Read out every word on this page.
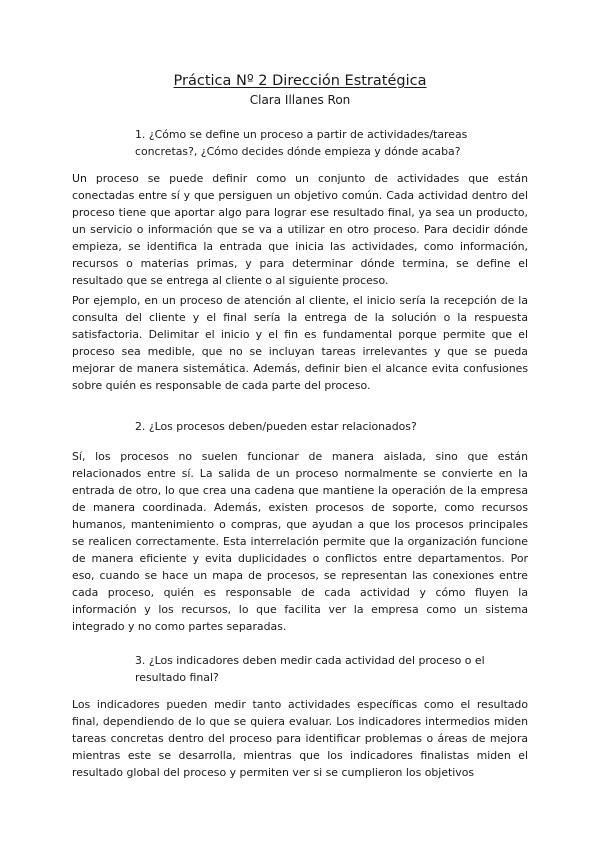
Práctica Nº 2 Dirección Estratégica
Clara Illanes Ron

1. ¿Cómo se define un proceso a partir de actividades/tareas concretas?, ¿Cómo decides dónde empieza y dónde acaba?

Un proceso se puede definir como un conjunto de actividades que están conectadas entre sí y que persiguen un objetivo común. Cada actividad dentro del proceso tiene que aportar algo para lograr ese resultado final, ya sea un producto, un servicio o información que se va a utilizar en otro proceso. Para decidir dónde empieza, se identifica la entrada que inicia las actividades, como información, recursos o materias primas, y para determinar dónde termina, se define el resultado que se entrega al cliente o al siguiente proceso.

Por ejemplo, en un proceso de atención al cliente, el inicio sería la recepción de la consulta del cliente y el final sería la entrega de la solución o la respuesta satisfactoria. Delimitar el inicio y el fin es fundamental porque permite que el proceso sea medible, que no se incluyan tareas irrelevantes y que se pueda mejorar de manera sistemática. Además, definir bien el alcance evita confusiones sobre quién es responsable de cada parte del proceso.

2. ¿Los procesos deben/pueden estar relacionados?

Sí, los procesos no suelen funcionar de manera aislada, sino que están relacionados entre sí. La salida de un proceso normalmente se convierte en la entrada de otro, lo que crea una cadena que mantiene la operación de la empresa de manera coordinada. Además, existen procesos de soporte, como recursos humanos, mantenimiento o compras, que ayudan a que los procesos principales se realicen correctamente. Esta interrelación permite que la organización funcione de manera eficiente y evita duplicidades o conflictos entre departamentos. Por eso, cuando se hace un mapa de procesos, se representan las conexiones entre cada proceso, quién es responsable de cada actividad y cómo fluyen la información y los recursos, lo que facilita ver la empresa como un sistema integrado y no como partes separadas.

3. ¿Los indicadores deben medir cada actividad del proceso o el resultado final?

Los indicadores pueden medir tanto actividades específicas como el resultado final, dependiendo de lo que se quiera evaluar. Los indicadores intermedios miden tareas concretas dentro del proceso para identificar problemas o áreas de mejora mientras este se desarrolla, mientras que los indicadores finalistas miden el resultado global del proceso y permiten ver si se cumplieron los objetivos
